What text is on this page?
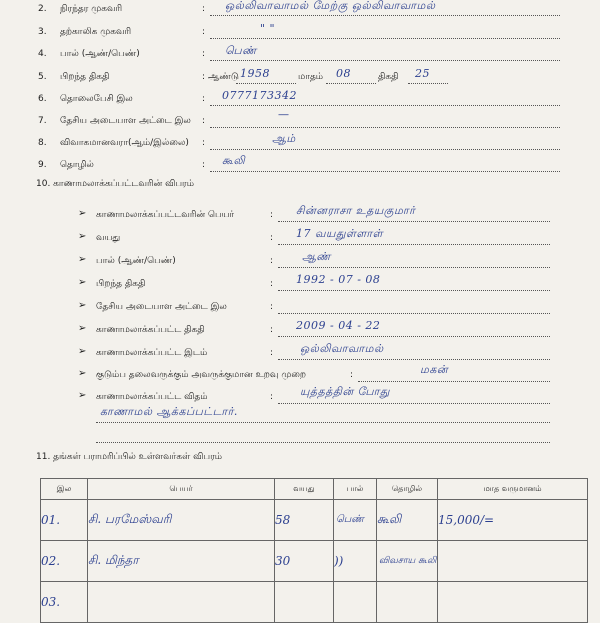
2. நிரந்தர முகவரி	: ஒல்லிவாவாமல் மேற்கு ஒல்லிவாவாமல்
3. தற்காலிக முகவரி	:	" "
4. பால் (ஆண்/பெண்)	: பெண்
5. பிறந்த திகதி	: ஆண்டு 1958	மாதம் 08	திகதி 25
6. தொலைபேசி இல	: 0777173342
7. தேசிய அடையாள அட்டை இல :	—
8. விவாகமானவரா(ஆம்/இல்லை) :	ஆம்
9. தொழில்	: கூலி
10. காணாமலாக்கப்பட்டவரின் விபரம்
➢ காணாமலாக்கப்பட்டவரின் பெயர்	: சின்னராசா உதயகுமார்
➢ வயது	: 17 வயதுள்ளாள்
➢ பால் (ஆண்/பெண்)	:	ஆண்
➢ பிறந்த திகதி	: 1992 - 07 - 08
➢ தேசிய அடையாள அட்டை இல	:
➢ காணாமலாக்கப்பட்ட திகதி	: 2009 - 04 - 22
➢ காணாமலாக்கப்பட்ட இடம்	: ஒல்லிவாவாமல்
➢ குடும்ப தலைவருக்கும் அவருக்குமான உறவு முறை	:	மகன்
➢ காணாமலாக்கப்பட்ட விதம்	: யுத்தத்தின் போது
காணாமல் ஆக்கப்பட்டார்.
11. தங்கள் பராமரிப்பில் உள்ளவர்கள் விபரம்
இல	பெயர்	வயது	பால்	தொழில்	மாத வருமானம்
01.	சி. பரமேஸ்வரி	58	பெண்	கூலி	15,000/=
02.	சி. மிந்தா	30	))	விவசாய கூலி	
03.					
